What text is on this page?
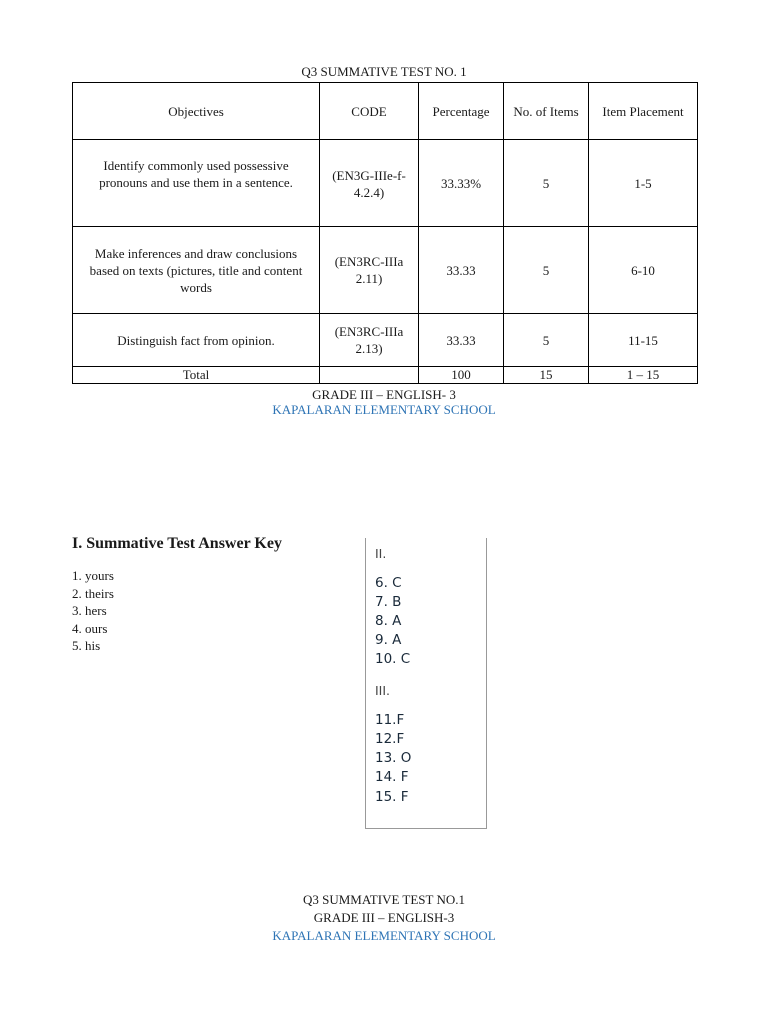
Q3 SUMMATIVE TEST NO. 1
Objectives	CODE	Percentage	No. of Items	Item Placement
Identify commonly used possessive pronouns and use them in a sentence.	(EN3G-IIIe-f-4.2.4)	33.33%	5	1-5
Make inferences and draw conclusions based on texts (pictures, title and content words	(EN3RC-IIIa 2.11)	33.33	5	6-10
Distinguish fact from opinion.	(EN3RC-IIIa 2.13)	33.33	5	11-15
Total		100	15	1 – 15
GRADE III – ENGLISH- 3
KAPALARAN ELEMENTARY SCHOOL
I. Summative Test Answer Key
1. yours
2. theirs
3. hers
4. ours
5. his
II.
6. C
7. B
8. A
9. A
10. C
III.
11.F
12.F
13. O
14. F
15. F
Q3 SUMMATIVE TEST NO.1
GRADE III – ENGLISH-3
KAPALARAN ELEMENTARY SCHOOL
